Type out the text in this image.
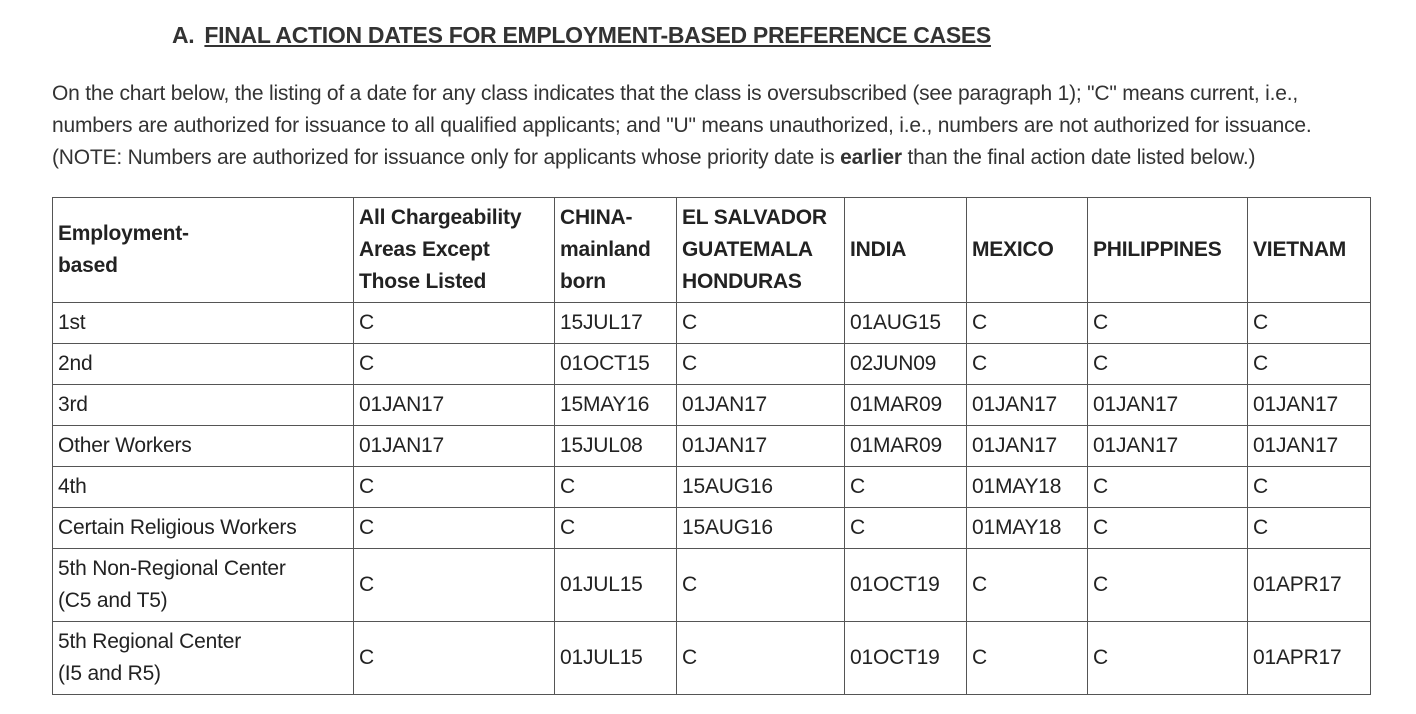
A. FINAL ACTION DATES FOR EMPLOYMENT-BASED PREFERENCE CASES

On the chart below, the listing of a date for any class indicates that the class is oversubscribed (see paragraph 1); "C" means current, i.e.,

numbers are authorized for issuance to all qualified applicants; and "U" means unauthorized, i.e., numbers are not authorized for issuance.

(NOTE: Numbers are authorized for issuance only for applicants whose priority date is earlier than the final action date listed below.)

Employment-
based	All Chargeability
Areas Except
Those Listed	CHINA-
mainland
born	EL SALVADOR
GUATEMALA
HONDURAS	INDIA	MEXICO	PHILIPPINES	VIETNAM

1st	C	15JUL17	C	01AUG15	C	C	C

2nd	C	01OCT15	C	02JUN09	C	C	C

3rd	01JAN17	15MAY16	01JAN17	01MAR09	01JAN17	01JAN17	01JAN17

Other Workers	01JAN17	15JUL08	01JAN17	01MAR09	01JAN17	01JAN17	01JAN17

4th	C	C	15AUG16	C	01MAY18	C	C

Certain Religious Workers	C	C	15AUG16	C	01MAY18	C	C

5th Non-Regional Center
(C5 and T5)	C	01JUL15	C	01OCT19	C	C	01APR17

5th Regional Center
(I5 and R5)	C	01JUL15	C	01OCT19	C	C	01APR17
